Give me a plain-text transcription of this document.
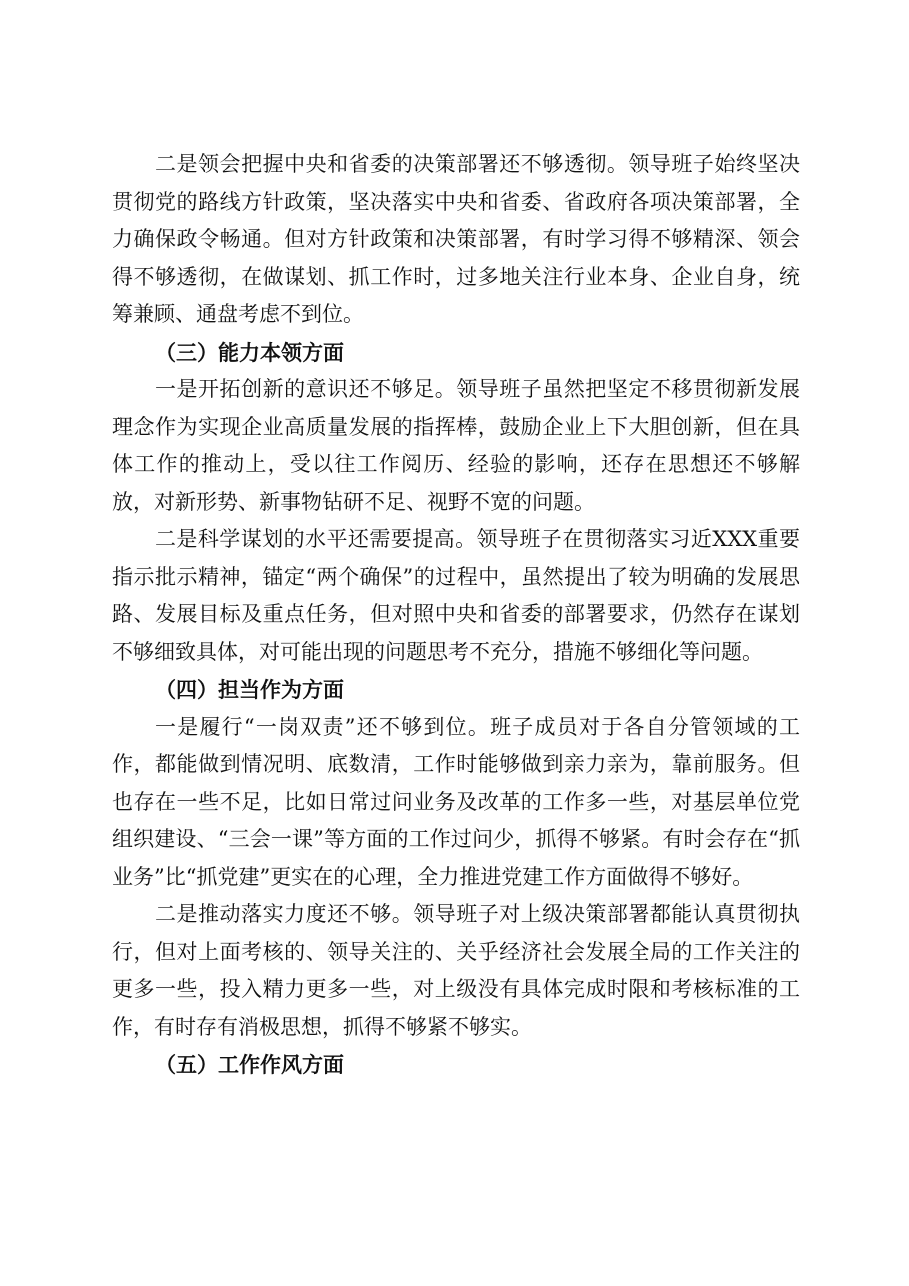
二是领会把握中央和省委的决策部署还不够透彻。领导班子始终坚决贯彻党的路线方针政策，坚决落实中央和省委、省政府各项决策部署，全力确保政令畅通。但对方针政策和决策部署，有时学习得不够精深、领会得不够透彻，在做谋划、抓工作时，过多地关注行业本身、企业自身，统筹兼顾、通盘考虑不到位。

（三）能力本领方面

一是开拓创新的意识还不够足。领导班子虽然把坚定不移贯彻新发展理念作为实现企业高质量发展的指挥棒，鼓励企业上下大胆创新，但在具体工作的推动上，受以往工作阅历、经验的影响，还存在思想还不够解放，对新形势、新事物钻研不足、视野不宽的问题。

二是科学谋划的水平还需要提高。领导班子在贯彻落实习近XXX重要指示批示精神，锚定“两个确保”的过程中，虽然提出了较为明确的发展思路、发展目标及重点任务，但对照中央和省委的部署要求，仍然存在谋划不够细致具体，对可能出现的问题思考不充分，措施不够细化等问题。

（四）担当作为方面

一是履行“一岗双责”还不够到位。班子成员对于各自分管领域的工作，都能做到情况明、底数清，工作时能够做到亲力亲为，靠前服务。但也存在一些不足，比如日常过问业务及改革的工作多一些，对基层单位党组织建设、“三会一课”等方面的工作过问少，抓得不够紧。有时会存在“抓业务”比“抓党建”更实在的心理，全力推进党建工作方面做得不够好。

二是推动落实力度还不够。领导班子对上级决策部署都能认真贯彻执行，但对上面考核的、领导关注的、关乎经济社会发展全局的工作关注的更多一些，投入精力更多一些，对上级没有具体完成时限和考核标准的工作，有时存有消极思想，抓得不够紧不够实。

（五）工作作风方面
